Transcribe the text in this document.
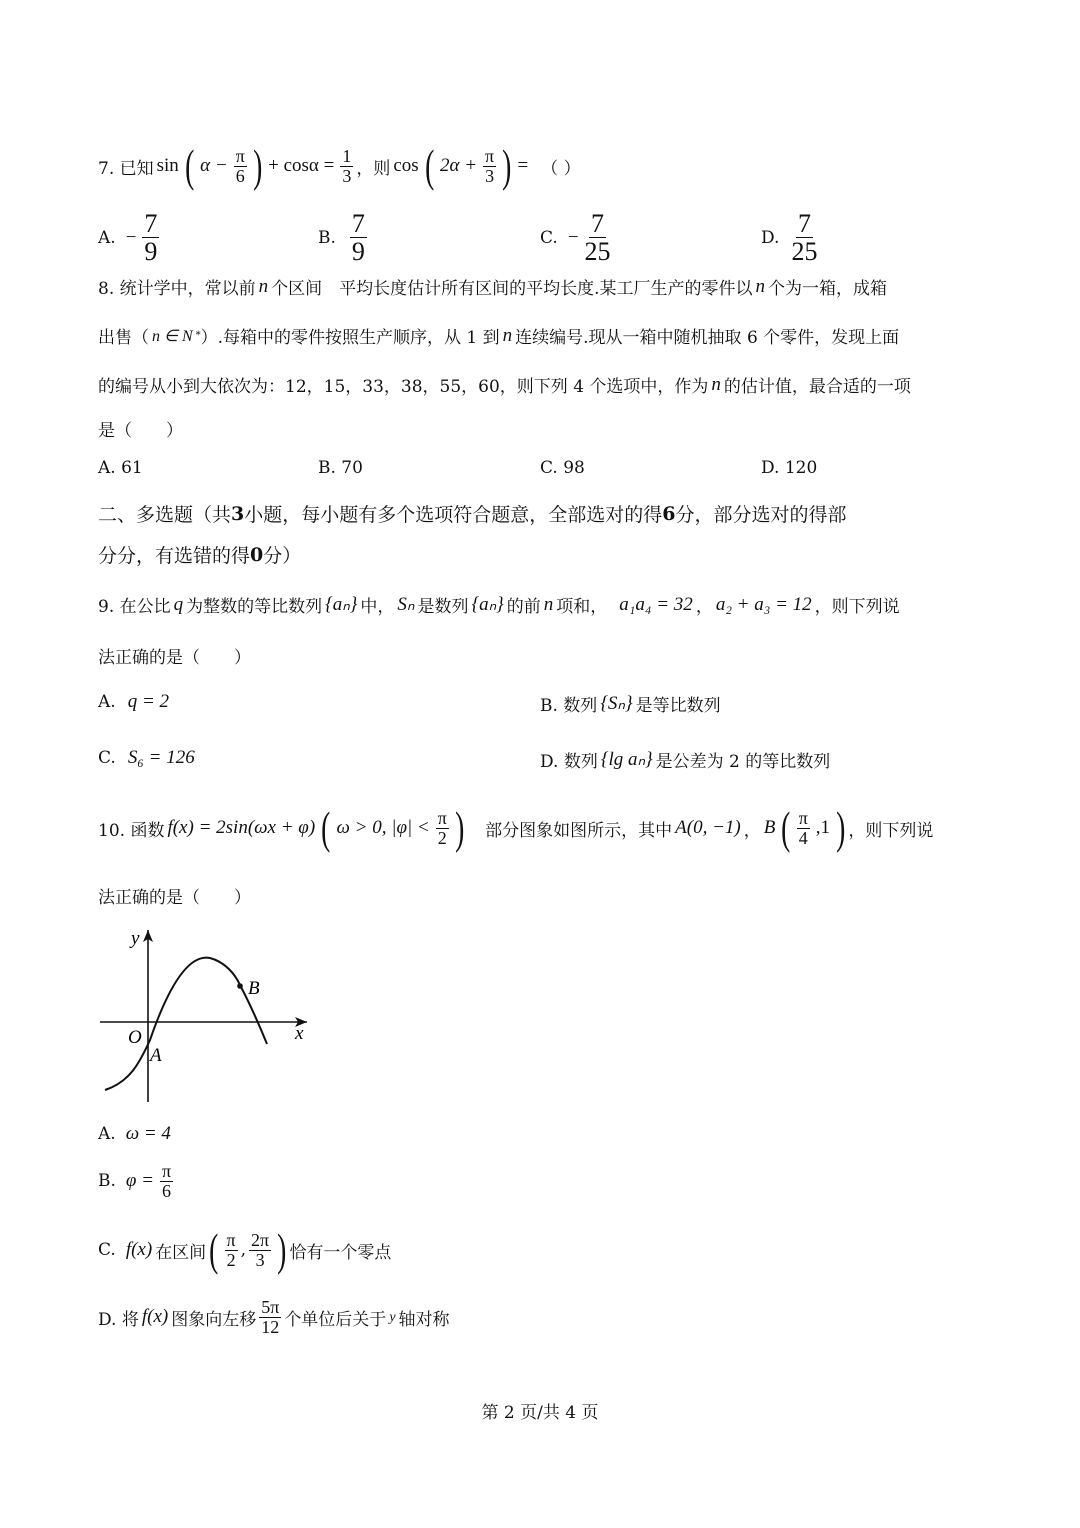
7. 已知 sin ( $\alpha - \frac{\pi}{6}$ ) + $\cos\alpha = \frac{1}{3}$ ，则 cos ( $2\alpha + \frac{\pi}{3}$ ) = （ ）
A. − $\frac{7}{9}$	B. $\frac{7}{9}$	C. − $\frac{7}{25}$	D. $\frac{7}{25}$
8. 统计学中，常以前 n 个区间　平均长度估计所有区间的平均长度.某工厂生产的零件以 n 个为一箱，成箱
出售（ n ∈ N * ）.每箱中的零件按照生产顺序，从 1 到 n 连续编号.现从一箱中随机抽取 6 个零件，发现上面
的编号从小到大依次为：12，15，33，38，55，60，则下列 4 个选项中，作为 n 的估计值，最合适的一项
是（　　）
A. 61	B. 70	C. 98	D. 120
二、多选题（共 3 小题，每小题有多个选项符合题意，全部选对的得 6 分，部分选对的得部
分分，有选错的得 0 分）
9. 在公比 q 为整数的等比数列 {aₙ} 中， Sₙ 是数列 {aₙ} 的前 n 项和， a₁a₄ = 32 ， a₂ + a₃ = 12 ，则下列说
法正确的是（　　）
A. q = 2	B. 数列 {Sₙ} 是等比数列
C. S₆ = 126	D. 数列 {lg aₙ} 是公差为 2 的等比数列
10. 函数 f(x) = 2sin(ωx + φ) ( ω > 0, $|\varphi| < \frac{\pi}{2}$ ) 部分图象如图所示，其中 A(0, −1) ， B ( $\frac{\pi}{4} ,1$ ) ，则下列说
法正确的是（　　）
y
x
O
A
B
A. ω = 4
B. $\varphi = \frac{\pi}{6}$
C. f(x) 在区间 ( $\frac{\pi}{2}$ , $\frac{2\pi}{3}$ ) 恰有一个零点
D. 将 f(x) 图象向左移 $\frac{5\pi}{12}$ 个单位后关于 y 轴对称
第 2 页/共 4 页
